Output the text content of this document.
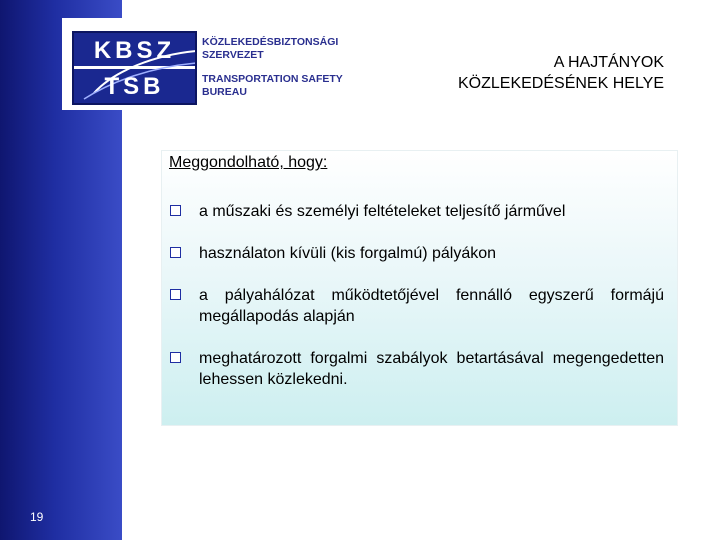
KBSZ
TSB
KÖZLEKEDÉSBIZTONSÁGI
SZERVEZET
TRANSPORTATION SAFETY
BUREAU
A HAJTÁNYOK
KÖZLEKEDÉSÉNEK HELYE
Meggondolható, hogy:
a műszaki és személyi feltételeket teljesítő járművel
használaton kívüli (kis forgalmú) pályákon
a pályahálózat működtetőjével fennálló egyszerű formájú megállapodás alapján
meghatározott forgalmi szabályok betartásával megengedetten lehessen közlekedni.
19
